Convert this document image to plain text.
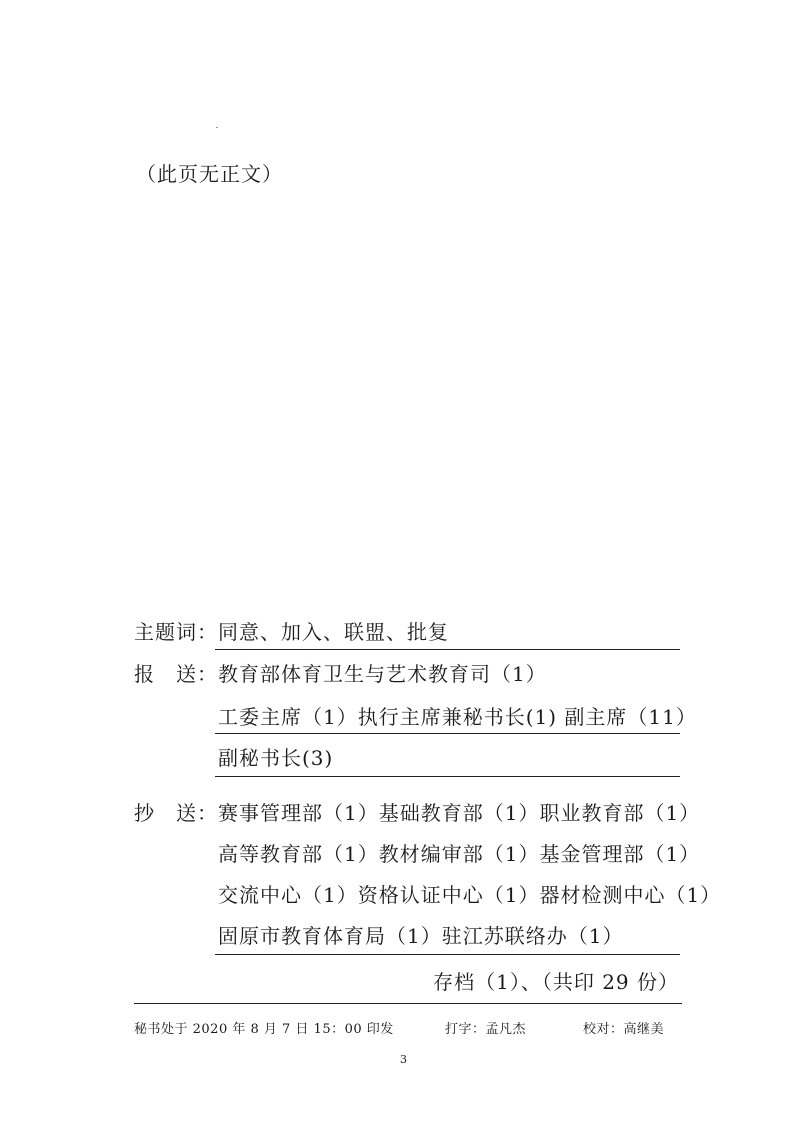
（此页无正文）
主题词： 同意、加入、联盟、批复
报　送： 教育部体育卫生与艺术教育司（1）
工委主席（1）执行主席兼秘书长(1) 副主席（11）
副秘书长(3)
抄　送： 赛事管理部（1）基础教育部（1）职业教育部（1）
高等教育部（1）教材编审部（1）基金管理部（1）
交流中心（1）资格认证中心（1）器材检测中心（1）
固原市教育体育局（1）驻江苏联络办（1）
存档（1）、（共印 29 份）
秘书处于 2020 年 8 月 7 日 15：00 印发	打字：孟凡杰	校对：高继美
3
